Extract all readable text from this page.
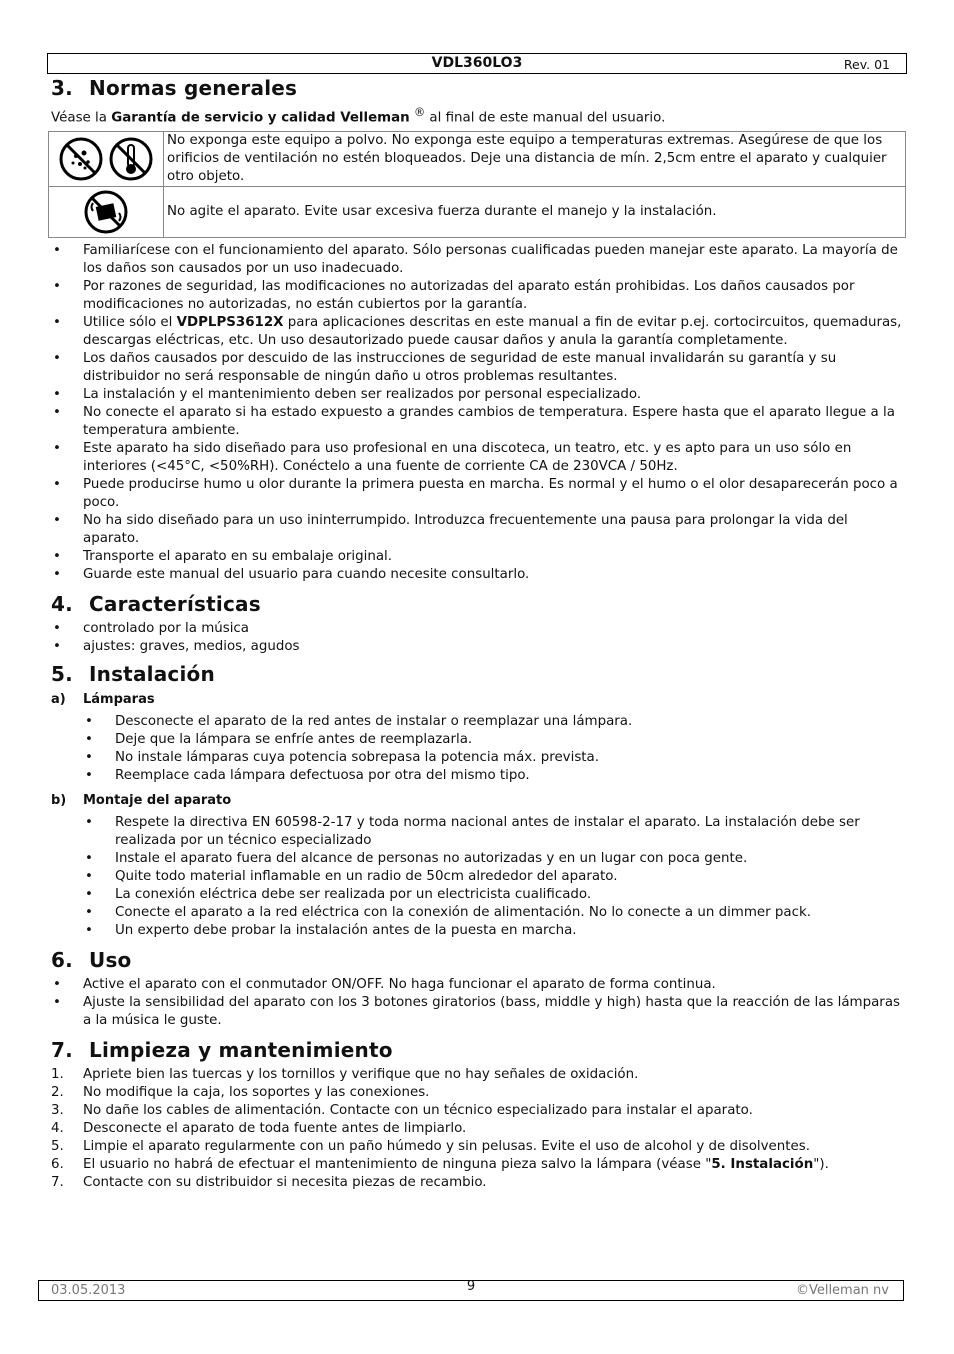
VDL360LO3	Rev. 01
3. Normas generales

Véase la Garantía de servicio y calidad Velleman ® al final de este manual del usuario.

	No exponga este equipo a polvo. No exponga este equipo a temperaturas extremas. Asegúrese de que los orificios de ventilación no estén bloqueados. Deje una distancia de mín. 2,5cm entre el aparato y cualquier otro objeto.
	No agite el aparato. Evite usar excesiva fuerza durante el manejo y la instalación.
• Familiarícese con el funcionamiento del aparato. Sólo personas cualificadas pueden manejar este aparato. La mayoría de los daños son causados por un uso inadecuado.
• Por razones de seguridad, las modificaciones no autorizadas del aparato están prohibidas. Los daños causados por modificaciones no autorizadas, no están cubiertos por la garantía.
• Utilice sólo el VDPLPS3612X para aplicaciones descritas en este manual a fin de evitar p.ej. cortocircuitos, quemaduras, descargas eléctricas, etc. Un uso desautorizado puede causar daños y anula la garantía completamente.
• Los daños causados por descuido de las instrucciones de seguridad de este manual invalidarán su garantía y su distribuidor no será responsable de ningún daño u otros problemas resultantes.
• La instalación y el mantenimiento deben ser realizados por personal especializado.
• No conecte el aparato si ha estado expuesto a grandes cambios de temperatura. Espere hasta que el aparato llegue a la temperatura ambiente.
• Este aparato ha sido diseñado para uso profesional en una discoteca, un teatro, etc. y es apto para un uso sólo en interiores (<45°C, <50%RH). Conéctelo a una fuente de corriente CA de 230VCA / 50Hz.
• Puede producirse humo u olor durante la primera puesta en marcha. Es normal y el humo o el olor desaparecerán poco a poco.
• No ha sido diseñado para un uso ininterrumpido. Introduzca frecuentemente una pausa para prolongar la vida del aparato.
• Transporte el aparato en su embalaje original.
• Guarde este manual del usuario para cuando necesite consultarlo.
4. Características
• controlado por la música
• ajustes: graves, medios, agudos
5. Instalación
a) Lámparas
• Desconecte el aparato de la red antes de instalar o reemplazar una lámpara.
• Deje que la lámpara se enfríe antes de reemplazarla.
• No instale lámparas cuya potencia sobrepasa la potencia máx. prevista.
• Reemplace cada lámpara defectuosa por otra del mismo tipo.
b) Montaje del aparato
• Respete la directiva EN 60598-2-17 y toda norma nacional antes de instalar el aparato. La instalación debe ser realizada por un técnico especializado
• Instale el aparato fuera del alcance de personas no autorizadas y en un lugar con poca gente.
• Quite todo material inflamable en un radio de 50cm alrededor del aparato.
• La conexión eléctrica debe ser realizada por un electricista cualificado.
• Conecte el aparato a la red eléctrica con la conexión de alimentación. No lo conecte a un dimmer pack.
• Un experto debe probar la instalación antes de la puesta en marcha.
6. Uso
• Active el aparato con el conmutador ON/OFF. No haga funcionar el aparato de forma continua.
• Ajuste la sensibilidad del aparato con los 3 botones giratorios (bass, middle y high) hasta que la reacción de las lámparas a la música le guste.
7. Limpieza y mantenimiento
1. Apriete bien las tuercas y los tornillos y verifique que no hay señales de oxidación.
2. No modifique la caja, los soportes y las conexiones.
3. No dañe los cables de alimentación. Contacte con un técnico especializado para instalar el aparato.
4. Desconecte el aparato de toda fuente antes de limpiarlo.
5. Limpie el aparato regularmente con un paño húmedo y sin pelusas. Evite el uso de alcohol y de disolventes.
6. El usuario no habrá de efectuar el mantenimiento de ninguna pieza salvo la lámpara (véase "5. Instalación").
7. Contacte con su distribuidor si necesita piezas de recambio.
03.05.2013	9	©Velleman nv
